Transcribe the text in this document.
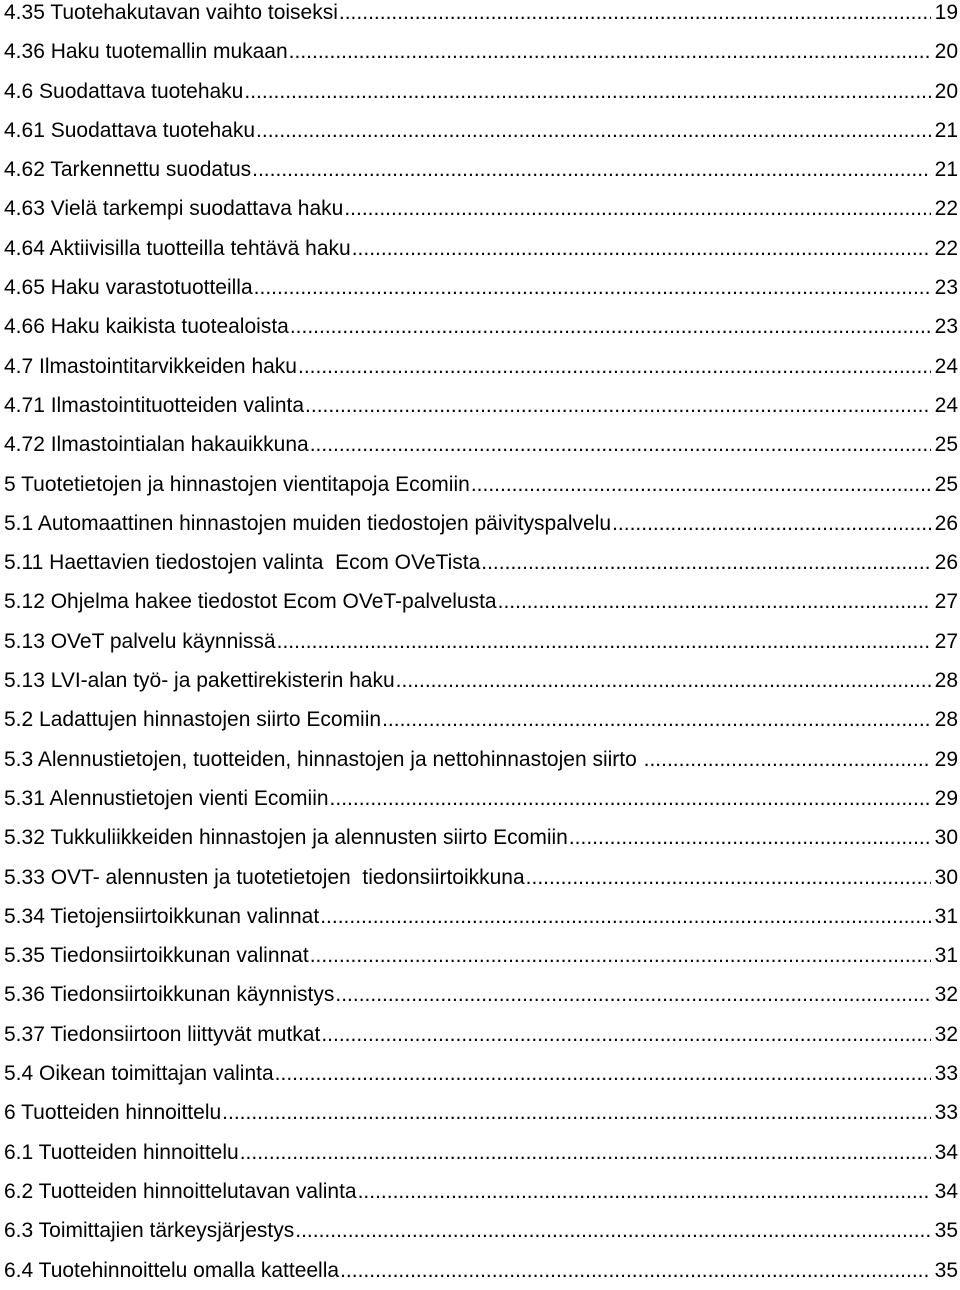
4.35 Tuotehakutavan vaihto toiseksi .....	19
4.36 Haku tuotemallin mukaan .....	20
4.6 Suodattava tuotehaku .....	20
4.61 Suodattava tuotehaku .....	21
4.62 Tarkennettu suodatus .....	21
4.63 Vielä tarkempi suodattava haku .....	22
4.64 Aktiivisilla tuotteilla tehtävä haku .....	22
4.65 Haku varastotuotteilla .....	23
4.66 Haku kaikista tuotealoista .....	23
4.7 Ilmastointitarvikkeiden haku .....	24
4.71 Ilmastointituotteiden valinta .....	24
4.72 Ilmastointialan hakauikkuna .....	25
5 Tuotetietojen ja hinnastojen vientitapoja Ecomiin .....	25
5.1 Automaattinen hinnastojen muiden tiedostojen päivityspalvelu .....	26
5.11 Haettavien tiedostojen valinta  Ecom OVeTista .....	26
5.12 Ohjelma hakee tiedostot Ecom OVeT-palvelusta .....	27
5.13 OVeT palvelu käynnissä .....	27
5.13 LVI-alan työ- ja pakettirekisterin haku .....	28
5.2 Ladattujen hinnastojen siirto Ecomiin .....	28
5.3 Alennustietojen, tuotteiden, hinnastojen ja nettohinnastojen siirto .....	29
5.31 Alennustietojen vienti Ecomiin .....	29
5.32 Tukkuliikkeiden hinnastojen ja alennusten siirto Ecomiin .....	30
5.33 OVT- alennusten ja tuotetietojen  tiedonsiirtoikkuna .....	30
5.34 Tietojensiirtoikkunan valinnat .....	31
5.35 Tiedonsiirtoikkunan valinnat .....	31
5.36 Tiedonsiirtoikkunan käynnistys .....	32
5.37 Tiedonsiirtoon liittyvät mutkat .....	32
5.4 Oikean toimittajan valinta .....	33
6 Tuotteiden hinnoittelu .....	33
6.1 Tuotteiden hinnoittelu .....	34
6.2 Tuotteiden hinnoittelutavan valinta .....	34
6.3 Toimittajien tärkeysjärjestys .....	35
6.4 Tuotehinnoittelu omalla katteella .....	35
